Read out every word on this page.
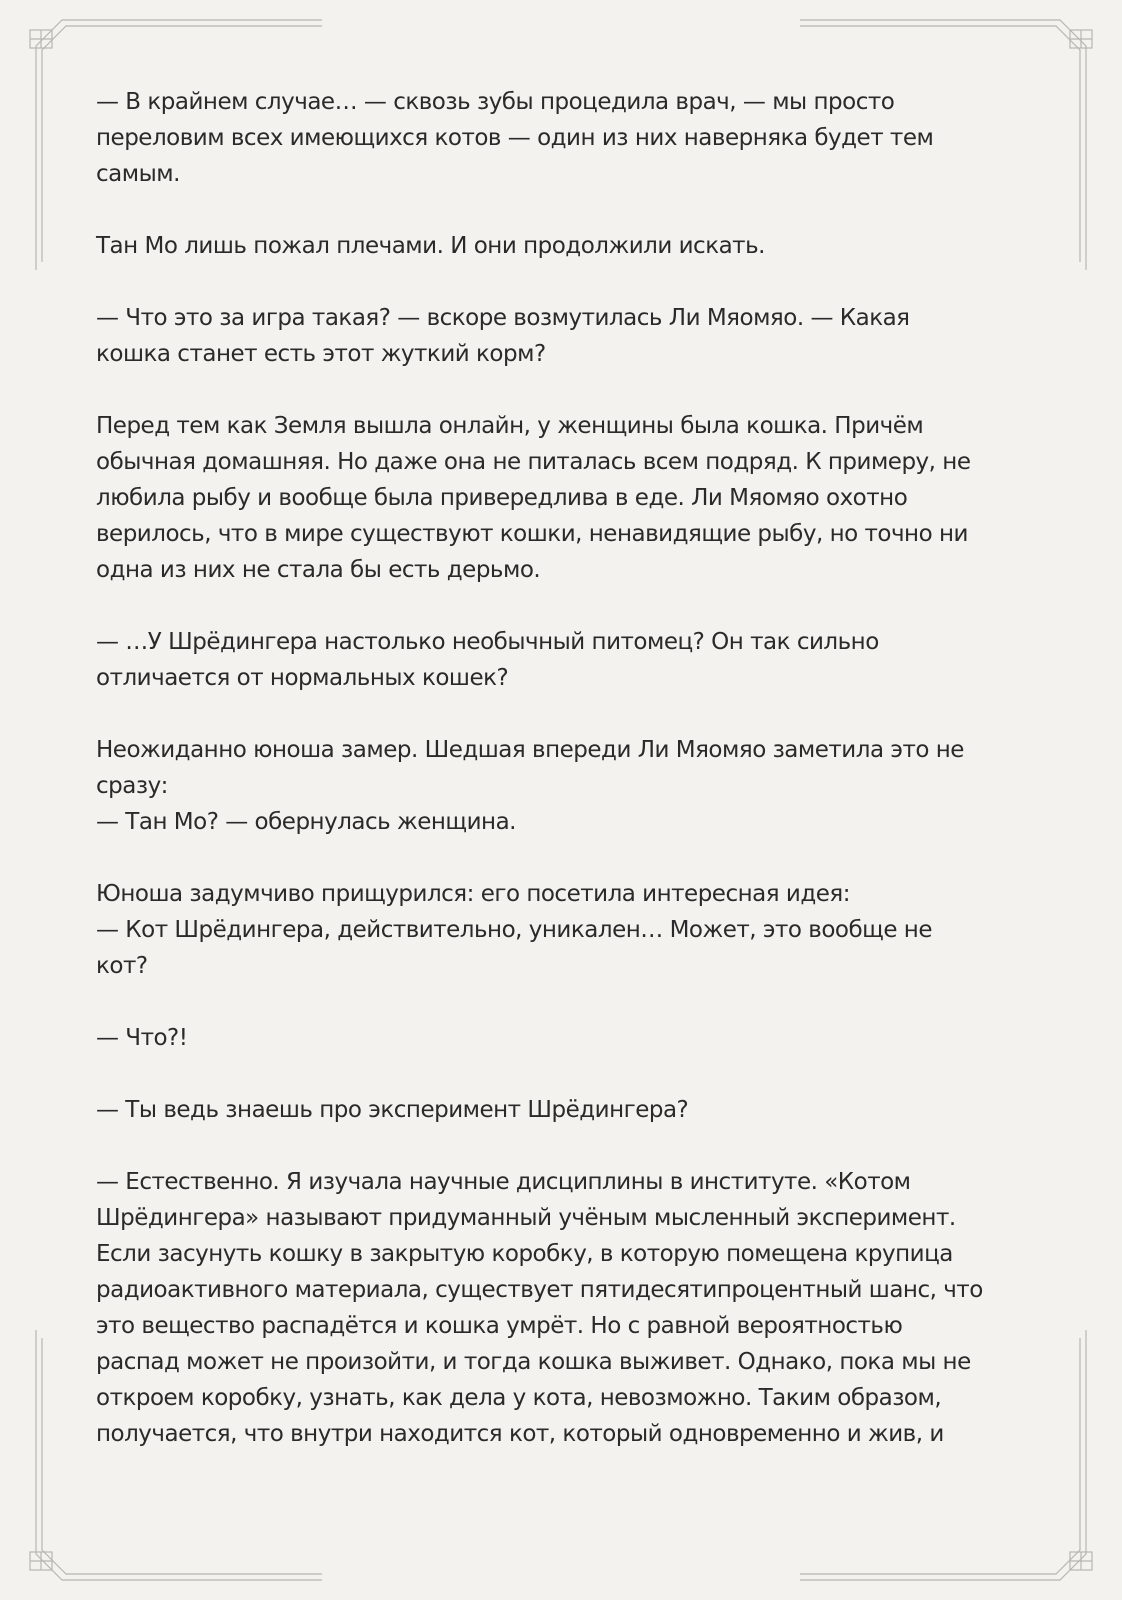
— В крайнем случае… — сквозь зубы процедила врач, — мы просто
переловим всех имеющихся котов — один из них наверняка будет тем
самым.

Тан Мо лишь пожал плечами. И они продолжили искать.

— Что это за игра такая? — вскоре возмутилась Ли Мяомяо. — Какая
кошка станет есть этот жуткий корм?

Перед тем как Земля вышла онлайн, у женщины была кошка. Причём
обычная домашняя. Но даже она не питалась всем подряд. К примеру, не
любила рыбу и вообще была привередлива в еде. Ли Мяомяо охотно
верилось, что в мире существуют кошки, ненавидящие рыбу, но точно ни
одна из них не стала бы есть дерьмо.

— …У Шрёдингера настолько необычный питомец? Он так сильно
отличается от нормальных кошек?

Неожиданно юноша замер. Шедшая впереди Ли Мяомяо заметила это не
сразу:
— Тан Мо? — обернулась женщина.

Юноша задумчиво прищурился: его посетила интересная идея:
— Кот Шрёдингера, действительно, уникален… Может, это вообще не
кот?

— Что?!

— Ты ведь знаешь про эксперимент Шрёдингера?

— Естественно. Я изучала научные дисциплины в институте. «Котом
Шрёдингера» называют придуманный учёным мысленный эксперимент.
Если засунуть кошку в закрытую коробку, в которую помещена крупица
радиоактивного материала, существует пятидесятипроцентный шанс, что
это вещество распадётся и кошка умрёт. Но с равной вероятностью
распад может не произойти, и тогда кошка выживет. Однако, пока мы не
откроем коробку, узнать, как дела у кота, невозможно. Таким образом,
получается, что внутри находится кот, который одновременно и жив, и
